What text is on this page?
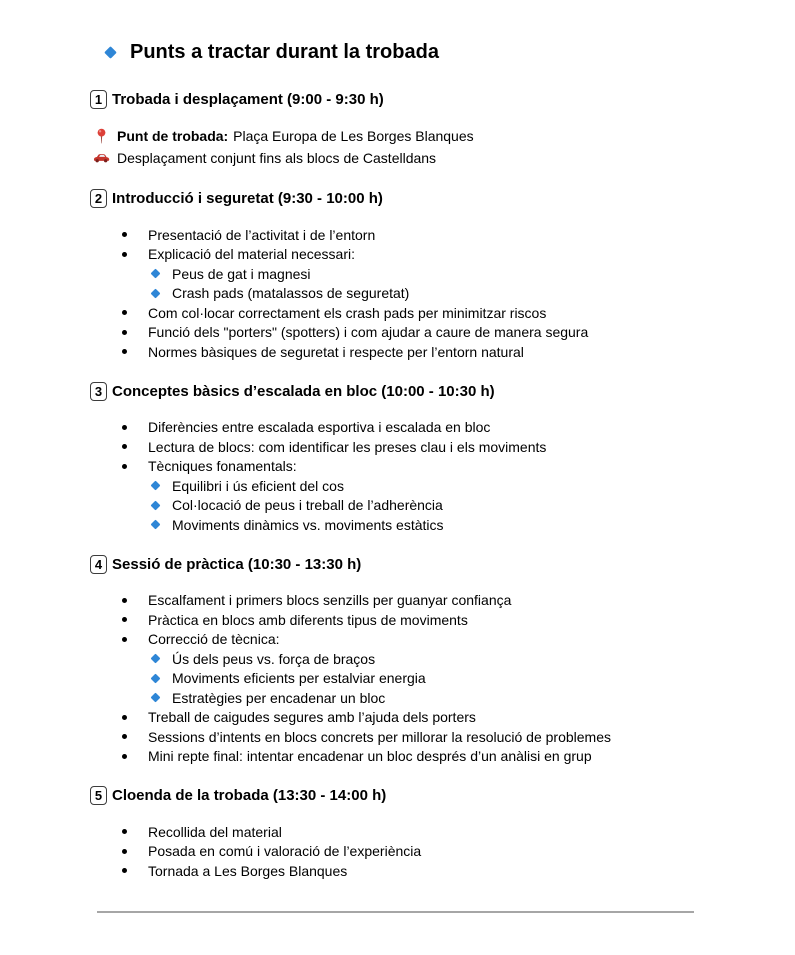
Punts a tractar durant la trobada
1 Trobada i desplaçament (9:00 - 9:30 h)
Punt de trobada: Plaça Europa de Les Borges Blanques
Desplaçament conjunt fins als blocs de Castelldans
2 Introducció i seguretat (9:30 - 10:00 h)
Presentació de l’activitat i de l’entorn
Explicació del material necessari:
Peus de gat i magnesi
Crash pads (matalassos de seguretat)
Com col·locar correctament els crash pads per minimitzar riscos
Funció dels "porters" (spotters) i com ajudar a caure de manera segura
Normes bàsiques de seguretat i respecte per l’entorn natural
3 Conceptes bàsics d’escalada en bloc (10:00 - 10:30 h)
Diferències entre escalada esportiva i escalada en bloc
Lectura de blocs: com identificar les preses clau i els moviments
Tècniques fonamentals:
Equilibri i ús eficient del cos
Col·locació de peus i treball de l’adherència
Moviments dinàmics vs. moviments estàtics
4 Sessió de pràctica (10:30 - 13:30 h)
Escalfament i primers blocs senzills per guanyar confiança
Pràctica en blocs amb diferents tipus de moviments
Correcció de tècnica:
Ús dels peus vs. força de braços
Moviments eficients per estalviar energia
Estratègies per encadenar un bloc
Treball de caigudes segures amb l’ajuda dels porters
Sessions d’intents en blocs concrets per millorar la resolució de problemes
Mini repte final: intentar encadenar un bloc després d’un anàlisi en grup
5 Cloenda de la trobada (13:30 - 14:00 h)
Recollida del material
Posada en comú i valoració de l’experiència
Tornada a Les Borges Blanques
